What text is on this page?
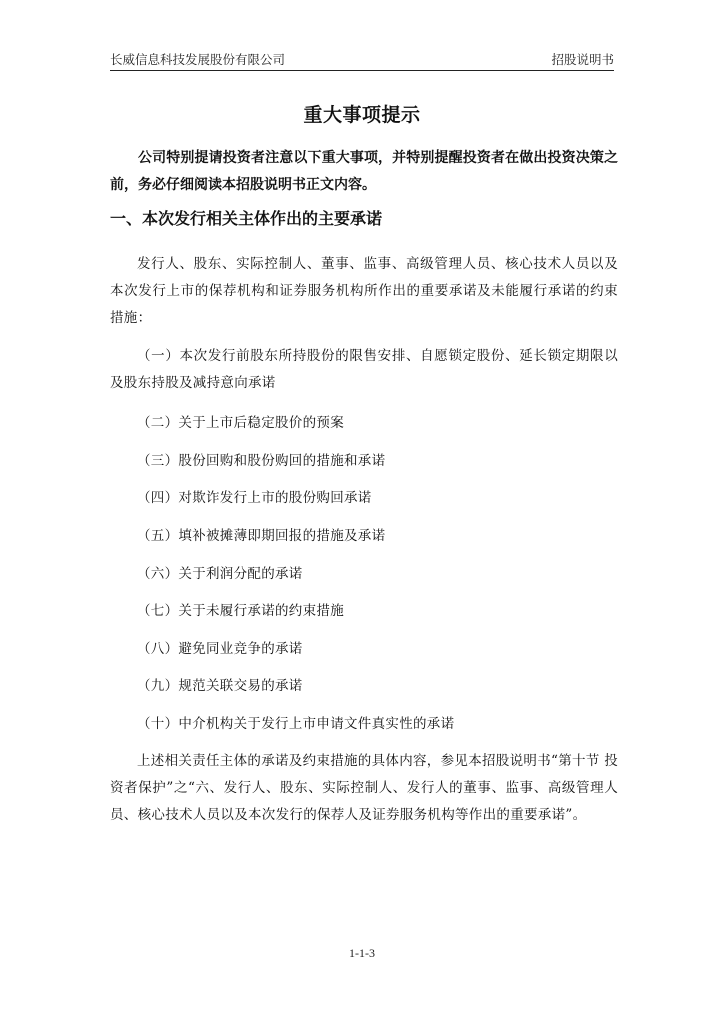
长威信息科技发展股份有限公司	招股说明书
重大事项提示

公司特别提请投资者注意以下重大事项，并特别提醒投资者在做出投资决策之前，务必仔细阅读本招股说明书正文内容。

一、本次发行相关主体作出的主要承诺

发行人、股东、实际控制人、董事、监事、高级管理人员、核心技术人员以及本次发行上市的保荐机构和证券服务机构所作出的重要承诺及未能履行承诺的约束措施：

（一）本次发行前股东所持股份的限售安排、自愿锁定股份、延长锁定期限以及股东持股及减持意向承诺

（二）关于上市后稳定股价的预案

（三）股份回购和股份购回的措施和承诺

（四）对欺诈发行上市的股份购回承诺

（五）填补被摊薄即期回报的措施及承诺

（六）关于利润分配的承诺

（七）关于未履行承诺的约束措施

（八）避免同业竞争的承诺

（九）规范关联交易的承诺

（十）中介机构关于发行上市申请文件真实性的承诺

上述相关责任主体的承诺及约束措施的具体内容，参见本招股说明书“第十节 投资者保护”之“六、发行人、股东、实际控制人、发行人的董事、监事、高级管理人员、核心技术人员以及本次发行的保荐人及证券服务机构等作出的重要承诺”。

1-1-3
